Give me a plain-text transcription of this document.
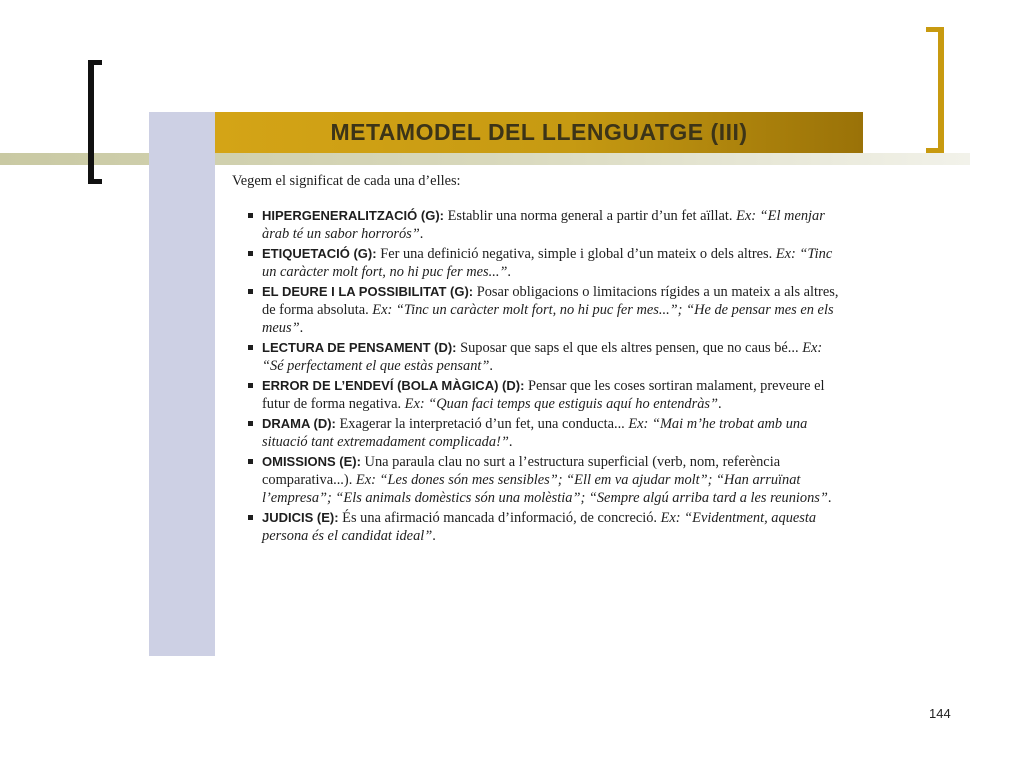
METAMODEL DEL LLENGUATGE (III)

Vegem el significat de cada una d’elles:

HIPERGENERALITZACIÓ (G): Establir una norma general a partir d’un fet aïllat. Ex: “El menjar àrab té un sabor horrorós”.
ETIQUETACIÓ (G): Fer una definició negativa, simple i global d’un mateix o dels altres. Ex: “Tinc un caràcter molt fort, no hi puc fer mes...”.
EL DEURE I LA POSSIBILITAT (G): Posar obligacions o limitacions rígides a un mateix a als altres, de forma absoluta. Ex: “Tinc un caràcter molt fort, no hi puc fer mes...”; “He de pensar mes en els meus”.
LECTURA DE PENSAMENT (D): Suposar que saps el que els altres pensen, que no caus bé... Ex: “Sé perfectament el que estàs pensant”.
ERROR DE L’ENDEVÍ (BOLA MÀGICA) (D): Pensar que les coses sortiran malament, preveure el futur de forma negativa. Ex: “Quan faci temps que estiguis aquí ho entendràs”.
DRAMA (D): Exagerar la interpretació d’un fet, una conducta... Ex: “Mai m’he trobat amb una situació tant extremadament complicada!”.
OMISSIONS (E): Una paraula clau no surt a l’estructura superficial (verb, nom, referència comparativa...). Ex: “Les dones són mes sensibles”; “Ell em va ajudar molt”; “Han arruïnat l’empresa”; “Els animals domèstics són una molèstia”; “Sempre algú arriba tard a les reunions”.
JUDICIS (E): És una afirmació mancada d’informació, de concreció. Ex: “Evidentment, aquesta persona és el candidat ideal”.
144
